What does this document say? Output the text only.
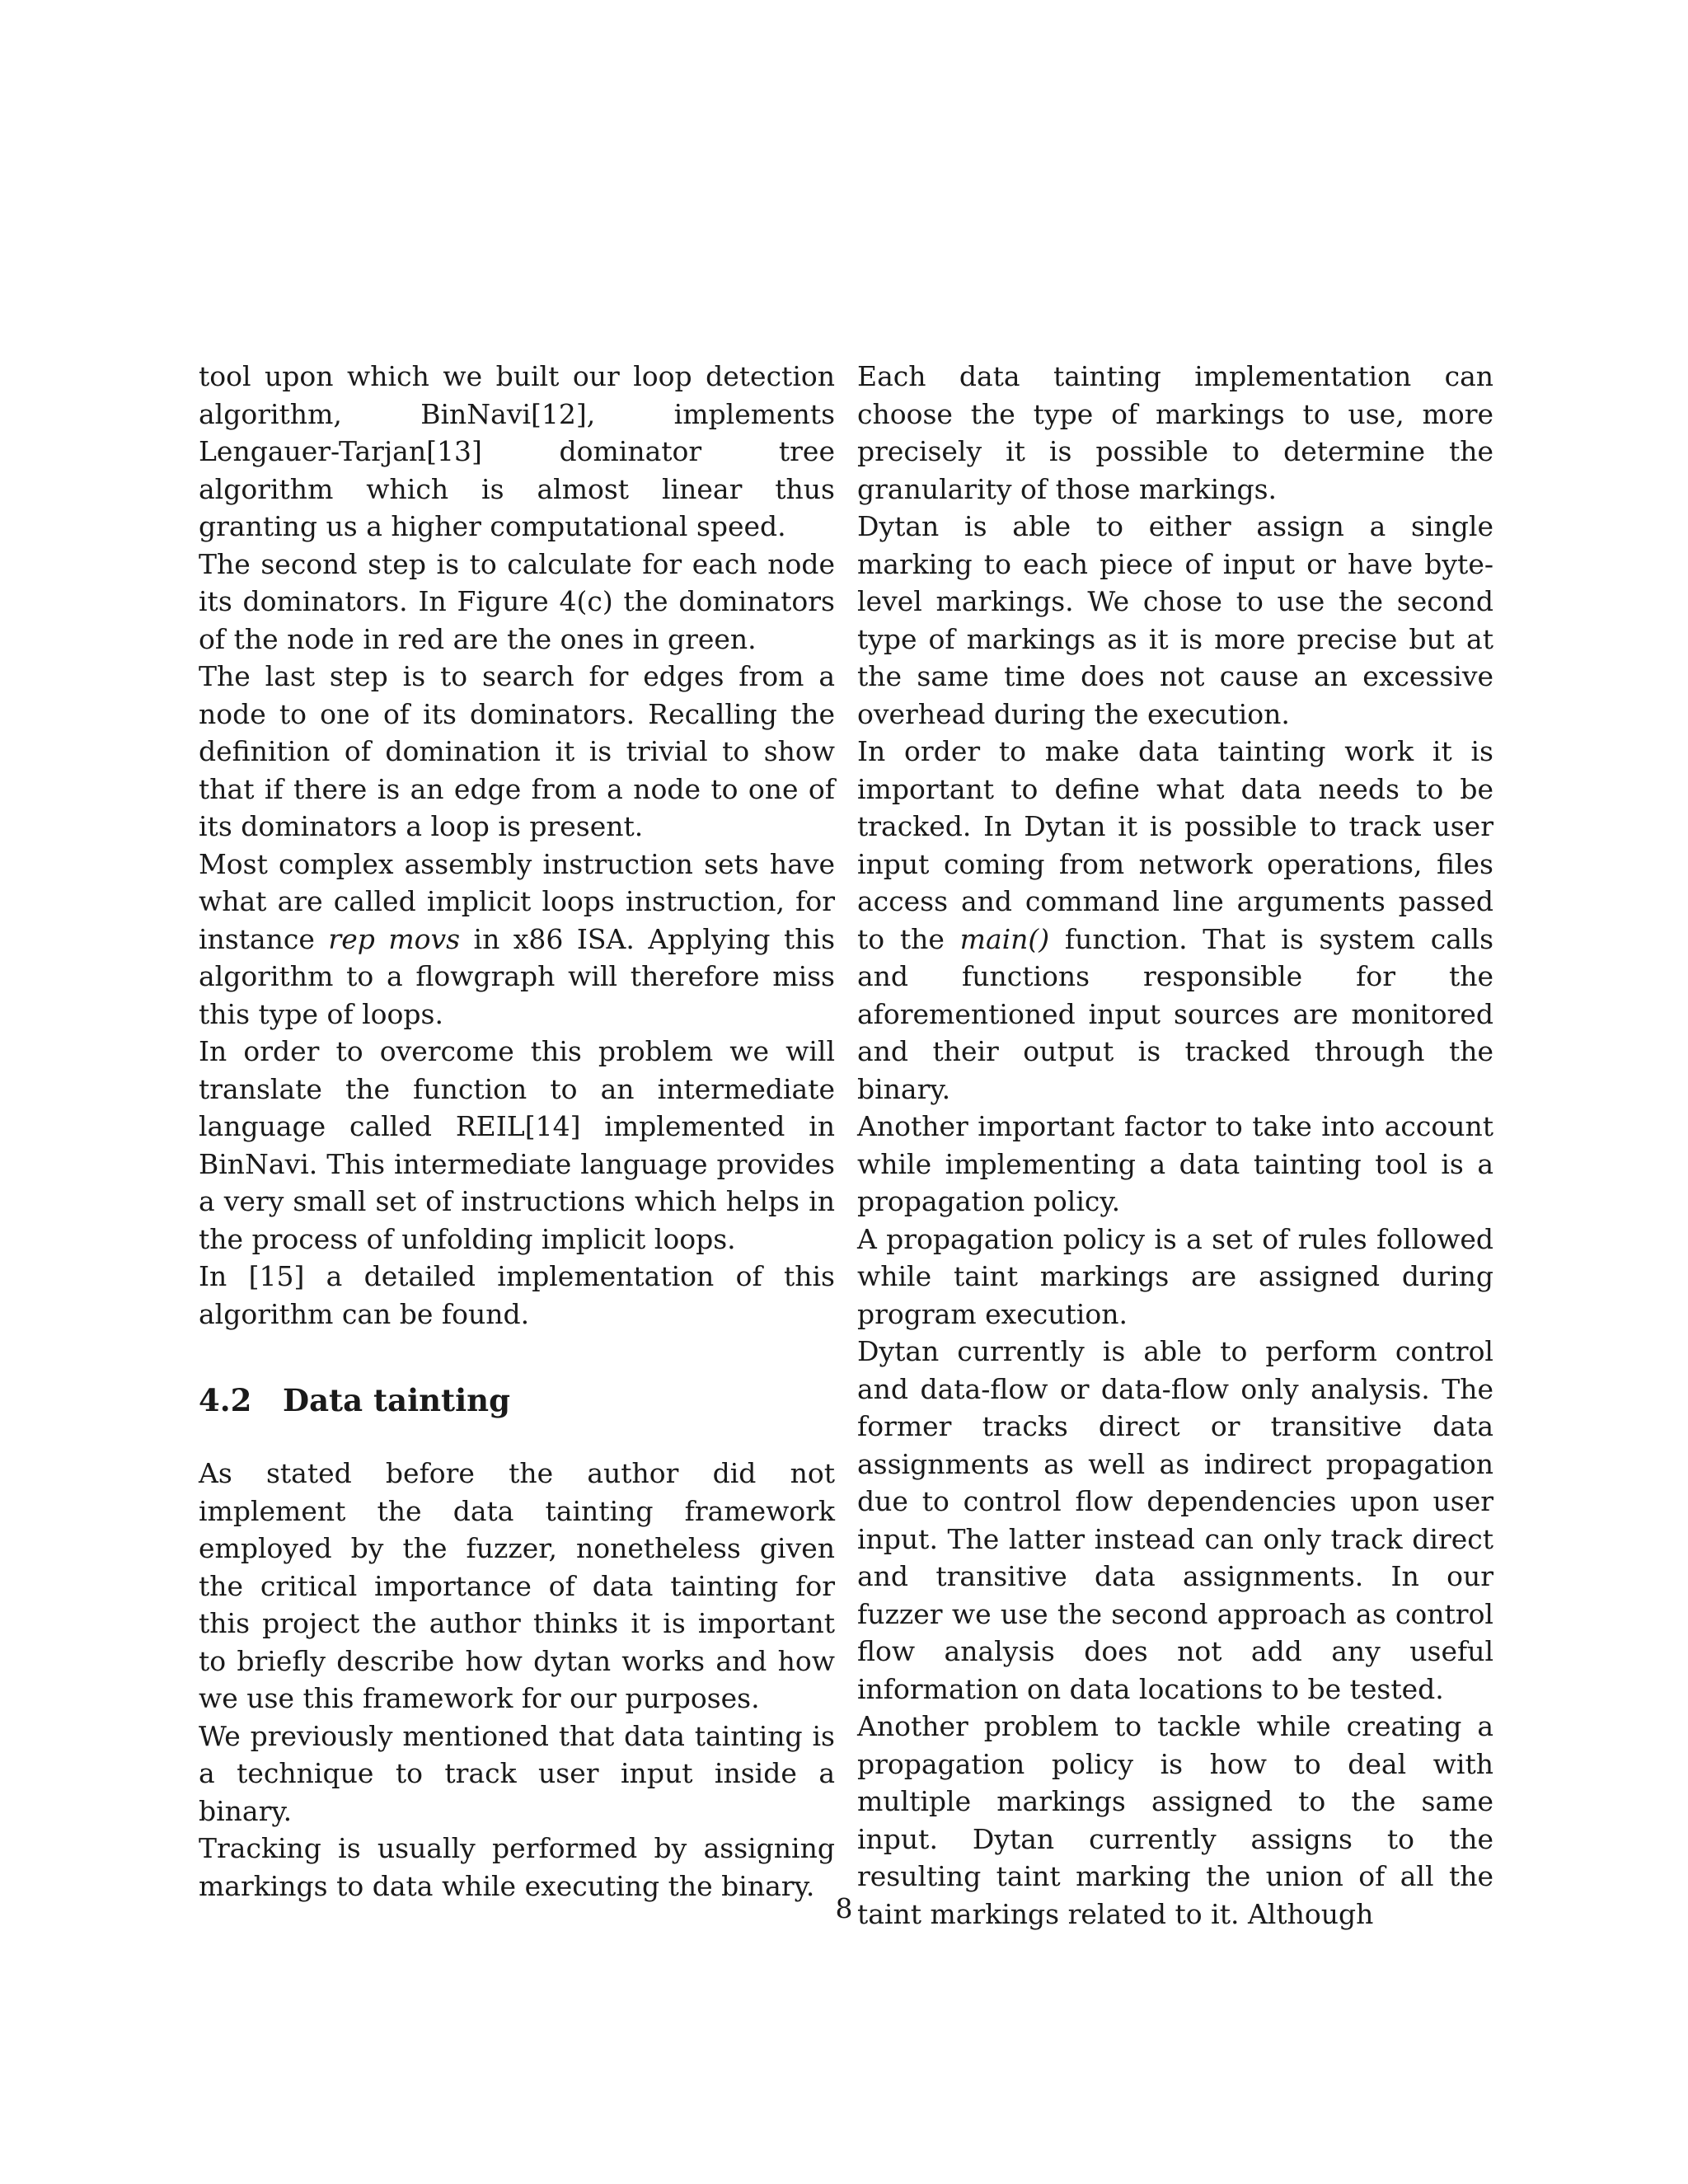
tool upon which we built our loop detection algorithm, BinNavi[12], implements Lengauer-Tarjan[13] dominator tree algorithm which is almost linear thus granting us a higher computational speed.

The second step is to calculate for each node its dominators. In Figure 4(c) the dominators of the node in red are the ones in green.

The last step is to search for edges from a node to one of its dominators. Recalling the definition of domination it is trivial to show that if there is an edge from a node to one of its dominators a loop is present.

Most complex assembly instruction sets have what are called implicit loops instruction, for instance rep movs in x86 ISA. Applying this algorithm to a flowgraph will therefore miss this type of loops.

In order to overcome this problem we will translate the function to an intermediate language called REIL[14] implemented in BinNavi. This intermediate language provides a very small set of instructions which helps in the process of unfolding implicit loops.

In [15] a detailed implementation of this algorithm can be found.

4.2 Data tainting

As stated before the author did not implement the data tainting framework employed by the fuzzer, nonetheless given the critical importance of data tainting for this project the author thinks it is important to briefly describe how dytan works and how we use this framework for our purposes.

We previously mentioned that data tainting is a technique to track user input inside a binary.

Tracking is usually performed by assigning markings to data while executing the binary.

Each data tainting implementation can choose the type of markings to use, more precisely it is possible to determine the granularity of those markings.

Dytan is able to either assign a single marking to each piece of input or have byte-level markings. We chose to use the second type of markings as it is more precise but at the same time does not cause an excessive overhead during the execution.

In order to make data tainting work it is important to define what data needs to be tracked. In Dytan it is possible to track user input coming from network operations, files access and command line arguments passed to the main() function. That is system calls and functions responsible for the aforementioned input sources are monitored and their output is tracked through the binary.

Another important factor to take into account while implementing a data tainting tool is a propagation policy.

A propagation policy is a set of rules followed while taint markings are assigned during program execution.

Dytan currently is able to perform control and data-flow or data-flow only analysis. The former tracks direct or transitive data assignments as well as indirect propagation due to control flow dependencies upon user input. The latter instead can only track direct and transitive data assignments. In our fuzzer we use the second approach as control flow analysis does not add any useful information on data locations to be tested.

Another problem to tackle while creating a propagation policy is how to deal with multiple markings assigned to the same input. Dytan currently assigns to the resulting taint marking the union of all the taint markings related to it. Although

8
